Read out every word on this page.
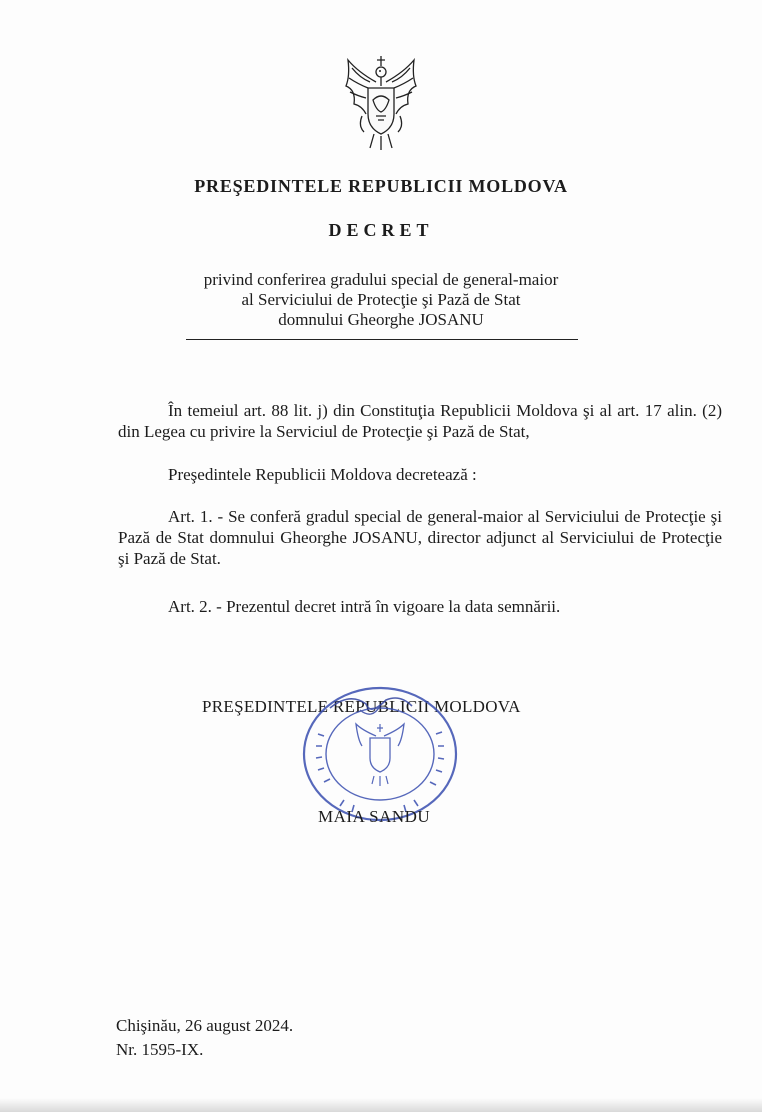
PREŞEDINTELE REPUBLICII MOLDOVA
DECRET
privind conferirea gradului special de general-maior
al Serviciului de Protecţie şi Pază de Stat
domnului Gheorghe JOSANU

În temeiul art. 88 lit. j) din Constituţia Republicii Moldova şi al art. 17 alin. (2) din Legea cu privire la Serviciul de Protecţie şi Pază de Stat,

Preşedintele Republicii Moldova decretează :

Art. 1. - Se conferă gradul special de general-maior al Serviciului de Protecţie şi Pază de Stat domnului Gheorghe JOSANU, director adjunct al Serviciului de Protecţie şi Pază de Stat.

Art. 2. - Prezentul decret intră în vigoare la data semnării.

PREŞEDINTELE REPUBLICII MOLDOVA
MAIA SANDU
Chişinău, 26 august 2024.
Nr. 1595-IX.
